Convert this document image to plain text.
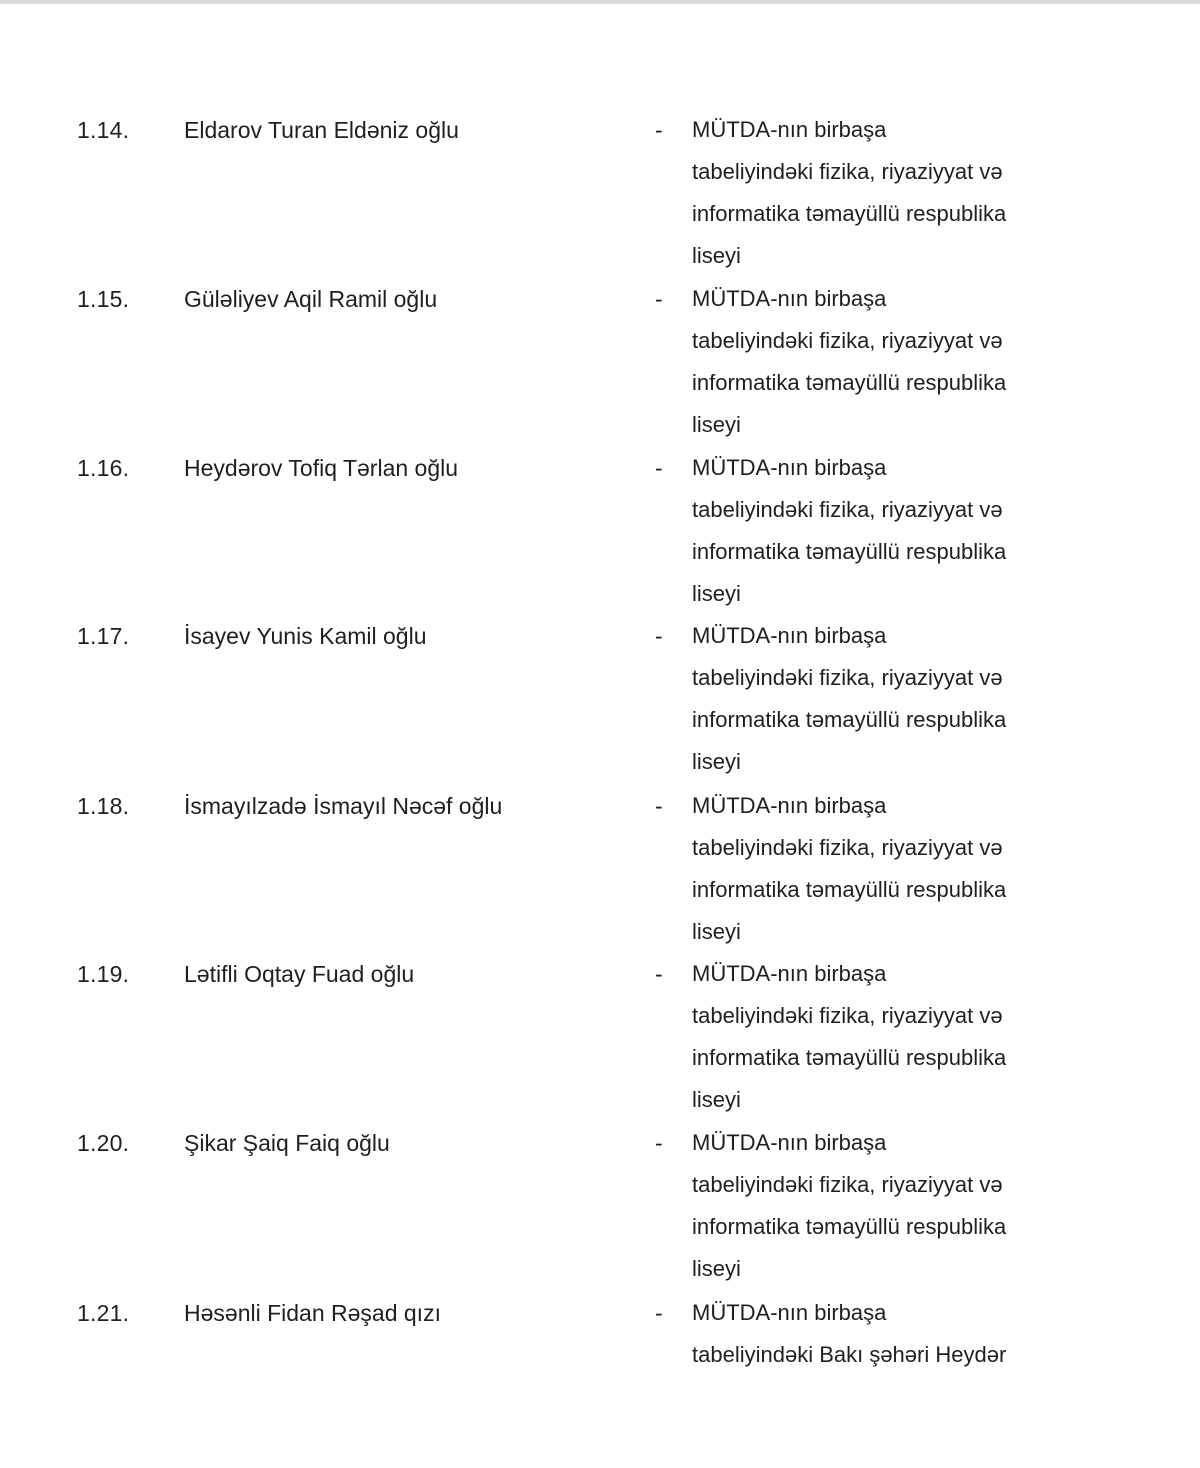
1.14. Eldarov Turan Eldəniz oğlu	- MÜTDA-nın birbaşa
tabeliyindəki fizika, riyaziyyat və
informatika təmayüllü respublika
liseyi
1.15. Güləliyev Aqil Ramil oğlu	- MÜTDA-nın birbaşa
tabeliyindəki fizika, riyaziyyat və
informatika təmayüllü respublika
liseyi
1.16. Heydərov Tofiq Tərlan oğlu	- MÜTDA-nın birbaşa
tabeliyindəki fizika, riyaziyyat və
informatika təmayüllü respublika
liseyi
1.17. İsayev Yunis Kamil oğlu	- MÜTDA-nın birbaşa
tabeliyindəki fizika, riyaziyyat və
informatika təmayüllü respublika
liseyi
1.18. İsmayılzadə İsmayıl Nəcəf oğlu	- MÜTDA-nın birbaşa
tabeliyindəki fizika, riyaziyyat və
informatika təmayüllü respublika
liseyi
1.19. Lətifli Oqtay Fuad oğlu	- MÜTDA-nın birbaşa
tabeliyindəki fizika, riyaziyyat və
informatika təmayüllü respublika
liseyi
1.20. Şikar Şaiq Faiq oğlu	- MÜTDA-nın birbaşa
tabeliyindəki fizika, riyaziyyat və
informatika təmayüllü respublika
liseyi
1.21. Həsənli Fidan Rəşad qızı	- MÜTDA-nın birbaşa
tabeliyindəki Bakı şəhəri Heydər
